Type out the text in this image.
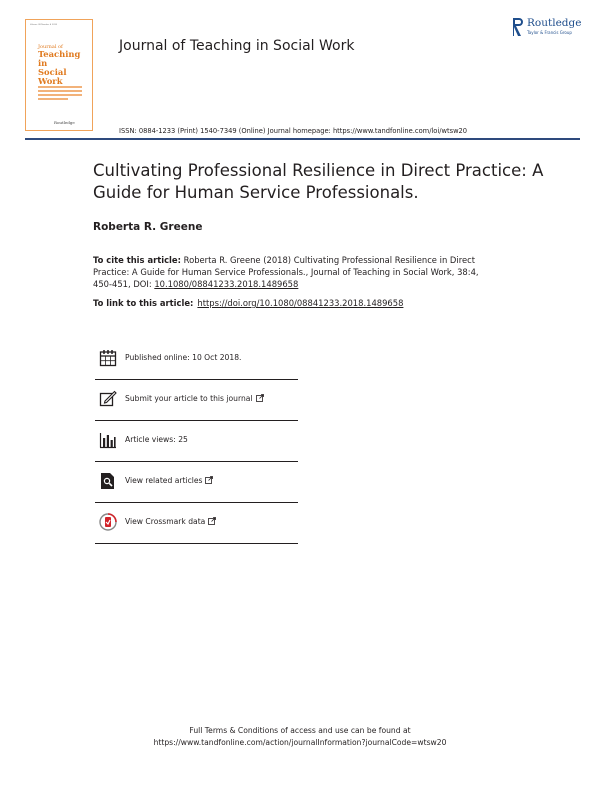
Volume 38 Number 4 2018
Journal of
Teaching in
Social Work
Routledge
Journal of Teaching in Social Work
Routledge
Taylor & Francis Group
ISSN: 0884-1233 (Print) 1540-7349 (Online) Journal homepage: https://www.tandfonline.com/loi/wtsw20
Cultivating Professional Resilience in Direct Practice: A Guide for Human Service Professionals.
Roberta R. Greene
To cite this article: Roberta R. Greene (2018) Cultivating Professional Resilience in Direct Practice: A Guide for Human Service Professionals., Journal of Teaching in Social Work, 38:4, 450-451, DOI: 10.1080/08841233.2018.1489658
To link to this article: https://doi.org/10.1080/08841233.2018.1489658
Published online: 10 Oct 2018.
Submit your article to this journal
Article views: 25
View related articles
View Crossmark data
Full Terms & Conditions of access and use can be found at
https://www.tandfonline.com/action/journalInformation?journalCode=wtsw20
